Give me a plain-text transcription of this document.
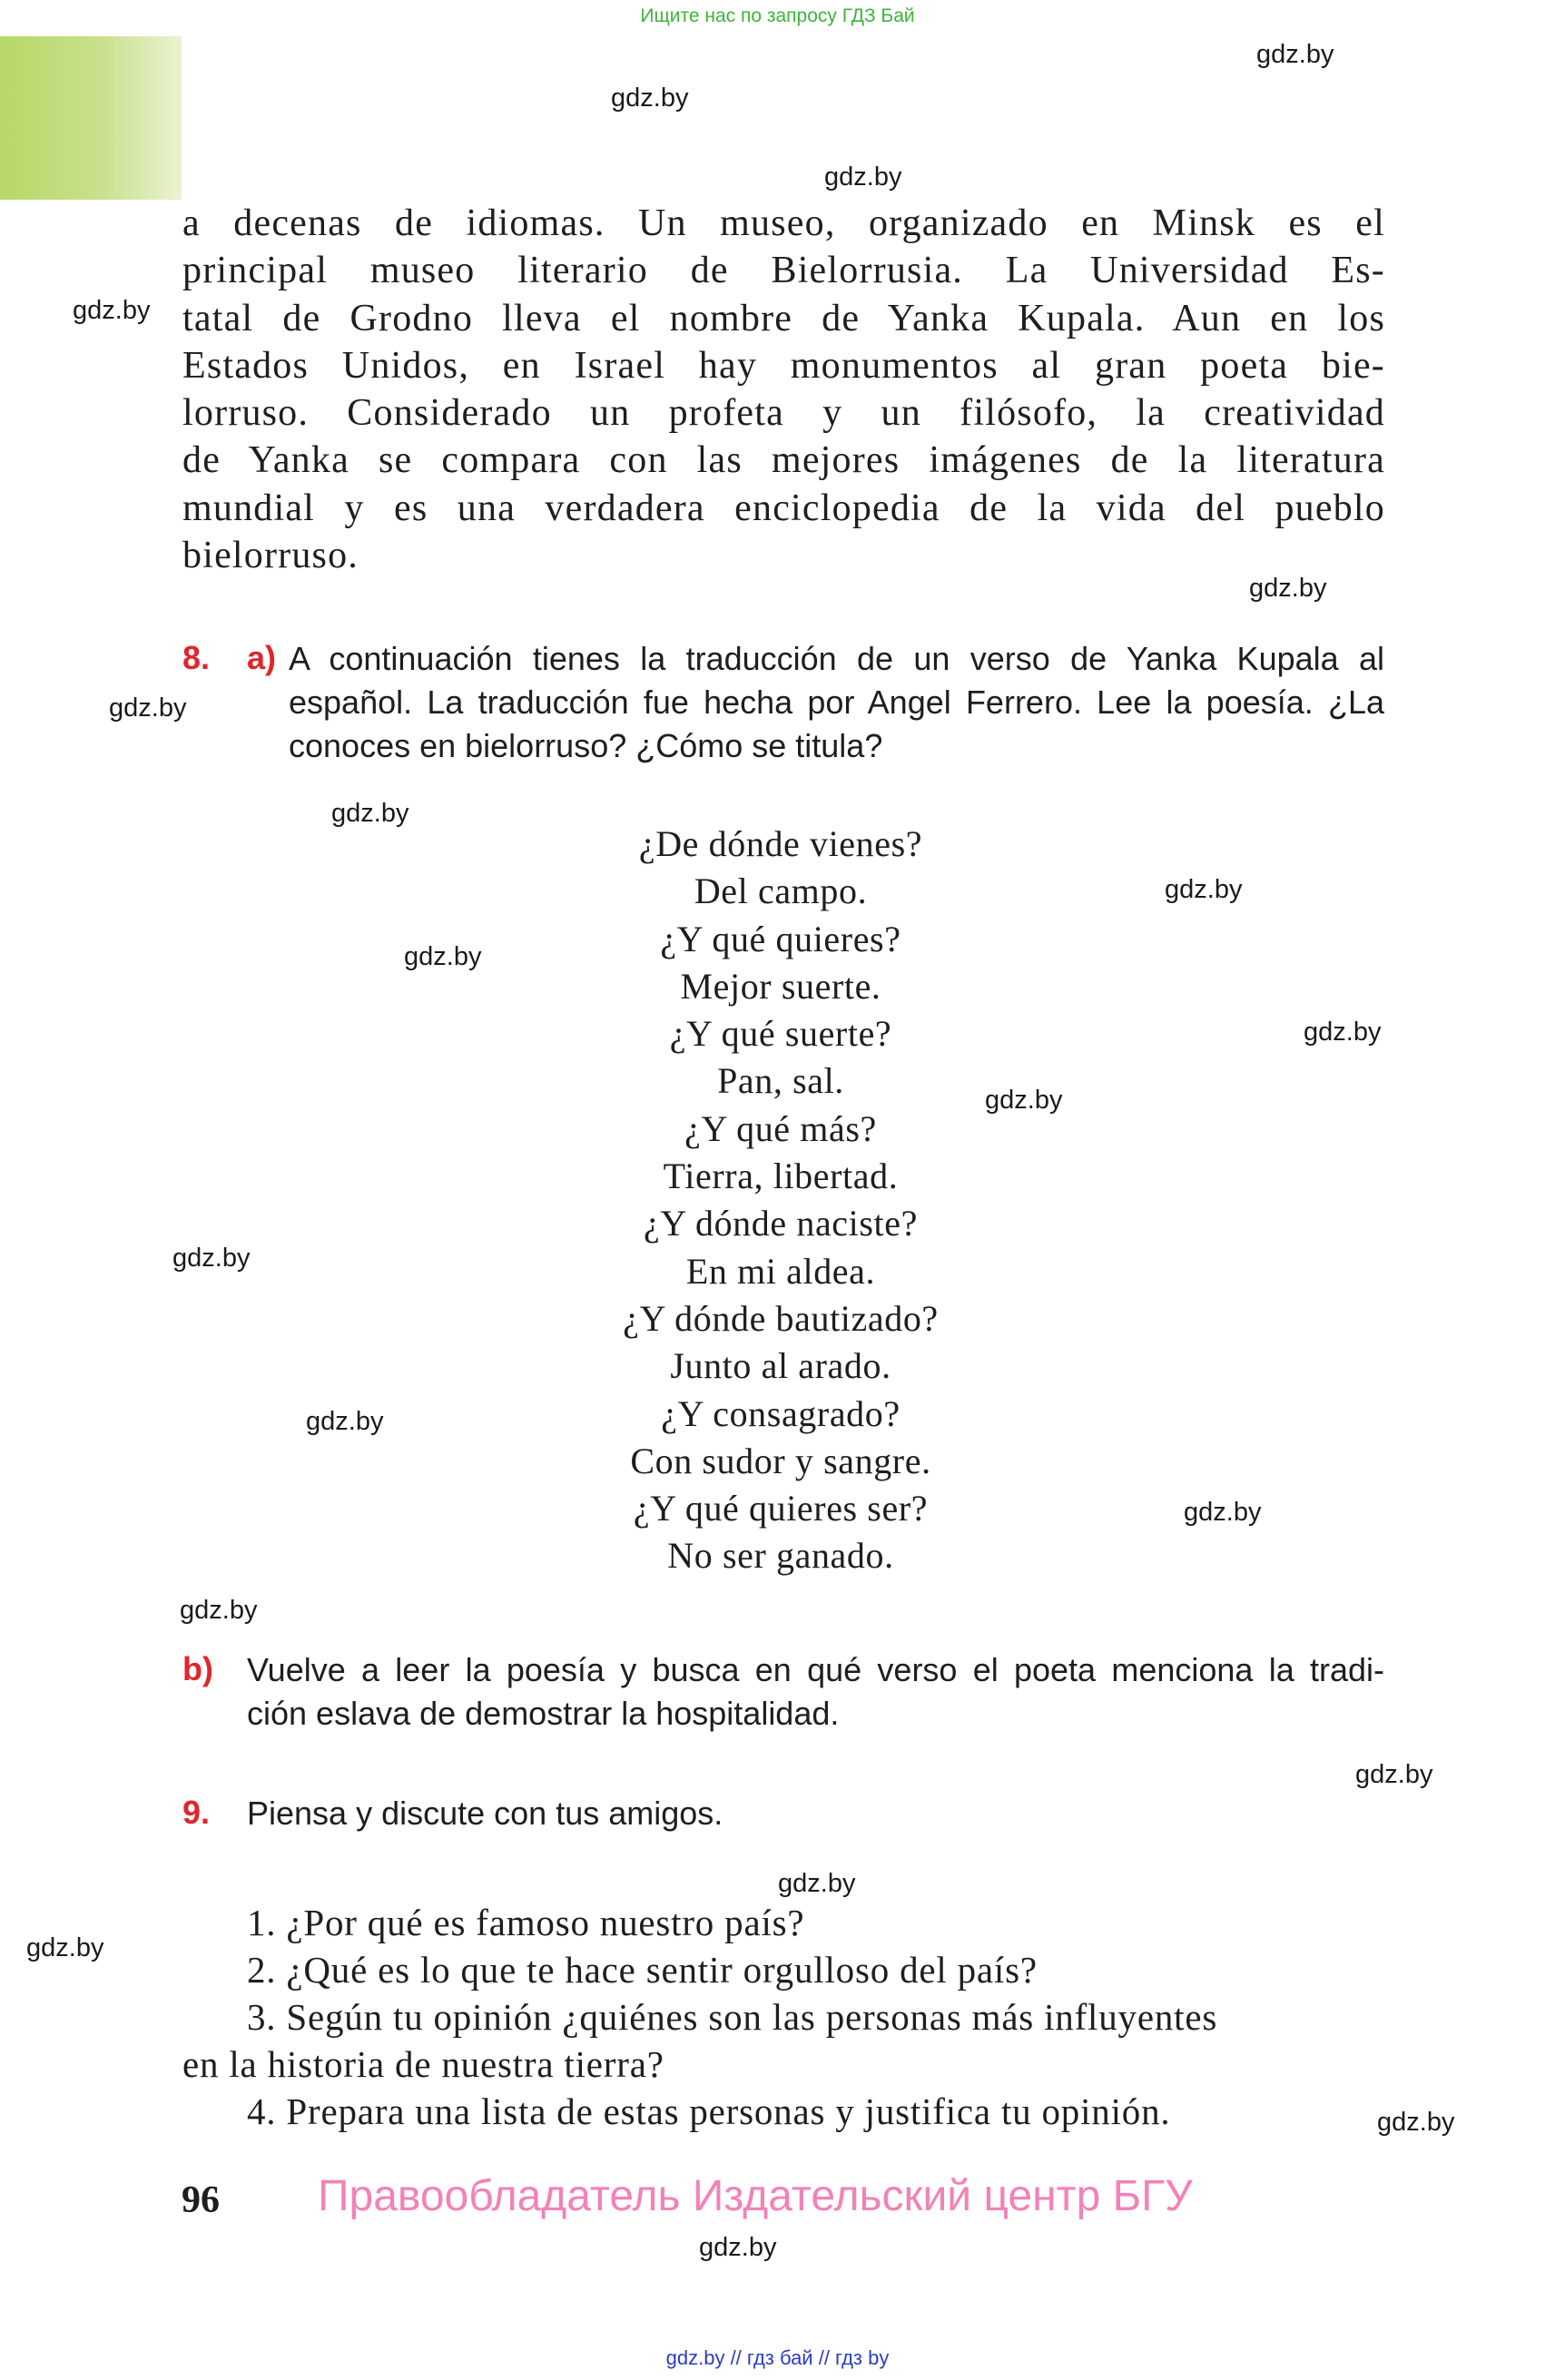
Ищите нас по запросу ГДЗ Бай
gdz.by
gdz.by
gdz.by
gdz.by
gdz.by
gdz.by
gdz.by
gdz.by
gdz.by
gdz.by
gdz.by
gdz.by
gdz.by
gdz.by
gdz.by
gdz.by
gdz.by
gdz.by
gdz.by
gdz.by
a decenas de idiomas. Un museo, organizado en Minsk es el
principal museo literario de Bielorrusia. La Universidad Es-
tatal de Grodno lleva el nombre de Yanka Kupala. Aun en los
Estados Unidos, en Israel hay monumentos al gran poeta bie-
lorruso. Considerado un profeta y un filósofo, la creatividad
de Yanka se compara con las mejores imágenes de la literatura
mundial y es una verdadera enciclopedia de la vida del pueblo
bielorruso.
8. a) A continuación tienes la traducción de un verso de Yanka Kupala al
español. La traducción fue hecha por Angel Ferrero. Lee la poesía. ¿La
conoces en bielorruso? ¿Cómo se titula?
¿De dónde vienes?
Del campo.
¿Y qué quieres?
Mejor suerte.
¿Y qué suerte?
Pan, sal.
¿Y qué más?
Tierra, libertad.
¿Y dónde naciste?
En mi aldea.
¿Y dónde bautizado?
Junto al arado.
¿Y consagrado?
Con sudor y sangre.
¿Y qué quieres ser?
No ser ganado.
b) Vuelve a leer la poesía y busca en qué verso el poeta menciona la tradi-
ción eslava de demostrar la hospitalidad.
9. Piensa y discute con tus amigos.
1. ¿Por qué es famoso nuestro país?
2. ¿Qué es lo que te hace sentir orgulloso del país?
3. Según tu opinión ¿quiénes son las personas más influyentes
en la historia de nuestra tierra?
4. Prepara una lista de estas personas y justifica tu opinión.
96 Правообладатель Издательский центр БГУ
gdz.by // гдз бай // гдз by
